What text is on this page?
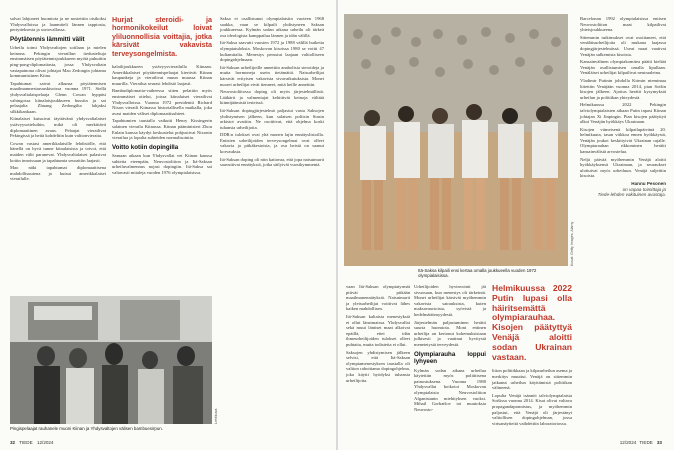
salvat lahjoneet huomiota ja ne nostettiin otsikoksi Yhdysvalloissa ja laanmiteli lännen tappiosta, periytteksesta ja sortovallassa.

Pöytätennis lämmitti välit

Urheilu toimi Yhdysvaltojen sotilaan ja mielen keinona. Pekingin vieraillun tiedusteltuja ensimmäisen pöytätennisjoukkueen myötä puhuttiin ping-pong-diplomatiasta, jossa Yhdysvaltain vastapainona olivat johtajat Mao Zedongin johtama kommunistinen Kiina.

Tapahtumat saivat alkunsa pöytätennisen maailmanmestaruuskisoissa vuonna 1971. Siellä yhdysvaltalaispelaaja Glenn Cowan hyppäsi vahingossa kiinalaisjoukkueen bussiin ja sai pelaajalta Zhuang Zedongilta lahjaksi silkkikankaan.

Kiinalaiset kutsuivat täyttävänä yhdysvaltalaiset ystävyysotteluihin, mikä oli merkittävä diplomaattinen avaus. Pelaajat vierailivat Pekingissä ja heitä kohdeltiin kuin valtionvieraita.

Cowan vastasi amerikkalaisille lehdistölle, että hänellä on hyvä tunne kiinalaisista ja toivoi, että maiden välit paranevat. Yhdysvaltalaiset palasivat kotiin innoissaan ja tapahtumia seurattiin laajasti.

Mao näki tapahtumat diplomaattisena mahdollisuutena ja kutsui amerikkalaiset vierailulle.

Hurjat steroidi- ja hormonikokeilut loivat yliluonnollisia voittajia, jotka kärsivät vakavista terveysongelmista.

kalailijoukkueen ystävyysvierailulla Kiinaan. Amerikkalaiset pöytätennispelaajat kiertivät Kiinan kaupunkeja ja vierailivat muun muassa Kiinan muurilla. Vierailua seurasi lehdistö laajasti.

Bambudiplomatia-vaiheessa sitten pelattiin myös ensimmäiset ottelut, joissa kiinalaiset vierailivat Yhdysvalloissa. Vuonna 1972 presidentti Richard Nixon vieraili Kiinassa historiallisella matkalla, joka avasi maiden väliset diplomaattisuhteet.

Tapahtumien taustalla vaikutti Henry Kissingerin salainen vierailu Kiinassa. Kiinan pääministeri Zhou Enlain kanssa käydyt keskustelut pohjustivat Nixonin vierailua ja lopulta suhteiden normalisointia.

Voitto kotiin dopingilla

Samaan aikaan kun Yhdysvallat vei Kiinan kanssa suhteita eteenpäin, Neuvostoliiton ja Itä-Saksan urheiluvalmennus nojasi dopingiin. Itä-Saksa sai valtavasti mitaleja vuoden 1976 olympialaisissa.

Saksa ei osallistunut olympialaisiin vuoteen 1968 saakka, vaan se kilpaili yhdistyneen Saksan joukkueessa. Kylmän sodan aikana urheilu oli tärkeä osa ideologista kamppailua lännen ja idän välillä.

Itä-Saksa saavutti vuosien 1972 ja 1988 välillä huikeita olympiatuloksia. Moskovan kisoissa 1980 se voitti 47 kultamitalia. Menestys perustui laajaan valtiolliseen dopingohjelmaan.

Itä-Saksan urheilijoille annettiin anabolisia steroideja ja muita hormoneja usein tietämättä. Naisurheilijat kärsivät erityisen vakavista sivuvaikutuksista. Monet nuoret urheilijat eivät tienneet, mitä heille annettiin.

Neuvostoliitossa doping oli myös järjestelmällistä. Lääkärit ja valmentajat kehittivät keinoja välttää kiinnijäämistä testeissä.

Itä-Saksan dopingjärjestelmä paljastui vasta Saksojen yhdistymisen jälkeen, kun salaisen poliisin Stasin arkistot avattiin. Ne osoittivat, että ohjelma koski tuhansia urheilijoita.

DDR:n tulokset ovat yhä monen lajin ennätyslistoilla. Entisten urheilijoiden terveysongelmat ovat olleet vakavia ja pitkäkestoisia, ja osa heistä on saanut korvauksia.

Itä-Saksan doping oli niin kattavaa, että jopa naisuimarit saavuttivat ennätyksiä, jotka säilyivät vuosikymmeniä.

Pingispelaajat rauhanele muoni Kiinan ja Yhdysvaltojen välisen bambuesirpun.
Lehtikuva
32 TIEDE 12/2024
Kuvat: Getty Images, Alamy
Itä-Saksa kilpaili ensi kertaa omalla joukkueella vuoden 1972 olympialaisissa.

vaan Itä-Saksan olympiatyrmät pitivät pitkään maailmanennätyksiä. Naisuimarit ja yleisurheilijat voittivat lähes kaiken mahdollisen.

Itä-Saksan kaltaisia menestyksiä ei ollut länsimaissa. Yhdysvallat sekä muut läntiset maat alkoivat epäillä, ettei idän ihmeurheilijoiden tulokset olleet puhtaita, mutta todisteita ei ollut.

Saksojen yhdistymisen jälkeen selvisi, että Itä-Saksan olympiamenestyksen taustalla oli valtion rahoittama dopingohjelma, joka käytti hyödyksi tuhansia urheilijoita.

Urheilijoiden hyvinvointi jäi sivuosaan, kun menestys oli tärkeintä. Monet urheilijat kärsivät myöhemmin vakavista sairauksista, kuten maksavaurioista, syövistä ja hedelmättömyydestä.

Järjestelmän paljastuminen herätti suurta huomiota. Moni entinen urheilija on kertonut kokemuksistaan julkisesti ja vaatinut hyvitystä menetetystä terveydestä.

Olympiarauha loppui lyhyeen

Kylmän sodan aikana urheilua käytettiin myös poliittisena painostuksena. Vuonna 1980 Yhdysvallat boikotoi Moskovan olympialaisia Neuvostoliiton Afganistanin miehityksen vuoksi. Mihail Gorbatšov toi muutoksia Neuvosto-

Helmikuussa 2022 Putin lupasi olla häiritsemättä olympiarauhaa. Kisojen päätyttyä Venäjä aloitti sodan Ukrainan vastaan.

liiton politiikkaan ja kilpaurheilun asema ja merkitys muuttui. Venäjä on sittemmin jatkanut urheilun käyttämistä politiikan välineenä.

Lopulta Venäjä isännöi talviolympialaisia Sotšissa vuonna 2014. Kisat olivat valtava propagandaponnistus, ja myöhemmin paljastui, että Venäjä oli järjestänyt valtiollisen dopingohjelman, jossa virtsanäytteitä vaihdettiin laboratoriossa.

Barcelonan 1992 olympialaisissa entisen Neuvostoliiton maat kilpailivat yhteisjoukkueena.

Sittemmin tutkimukset ovat osoittaneet, että venäläisurheilijoita oli mukana laajassa dopingjärjestelmässä. Useat maat vaativat Venäjän sulkemista kisoista.

Kansainvälinen olympiakomitea päätti kieltää Venäjän osallistumisen omalla lipullaan. Venäläiset urheilijat kilpailivat neutraaleina.

Vladimir Putinin johdolla Krimin niemimaa liitettiin Venäjään vuonna 2014, pian Sotšin kisojen jälkeen. Ajoitus herätti kysymyksiä urheilun ja politiikan yhteydestä.

Helmikuussa 2022 Pekingin talviolympialaisten aikaan Putin tapasi Kiinan johtajan Xi Jinpingin. Pian kisojen päätyttyä alkoi Venäjän hyökkäys Ukrainaan.

Kisojen viimeisenä kilpailupäivänä 20. helmikuuta, tasan viikkoa ennen hyökkäystä, Venäjän joukot keskittyivät Ukrainan rajalle. Olympiarauhan rikkominen herätti kansainvälistä arvostelua.

Neljä päivää myöhemmin Venäjä aloitti hyökkäyksensä Ukrainaan, ja seuraukset ulottuivat myös urheiluun. Venäjä suljettiin kisoista.

Hannu Pesonen
on vapaa toimittaja ja
Tiede-lehden vakituinen avustaja.
12/2024 TIEDE 33
